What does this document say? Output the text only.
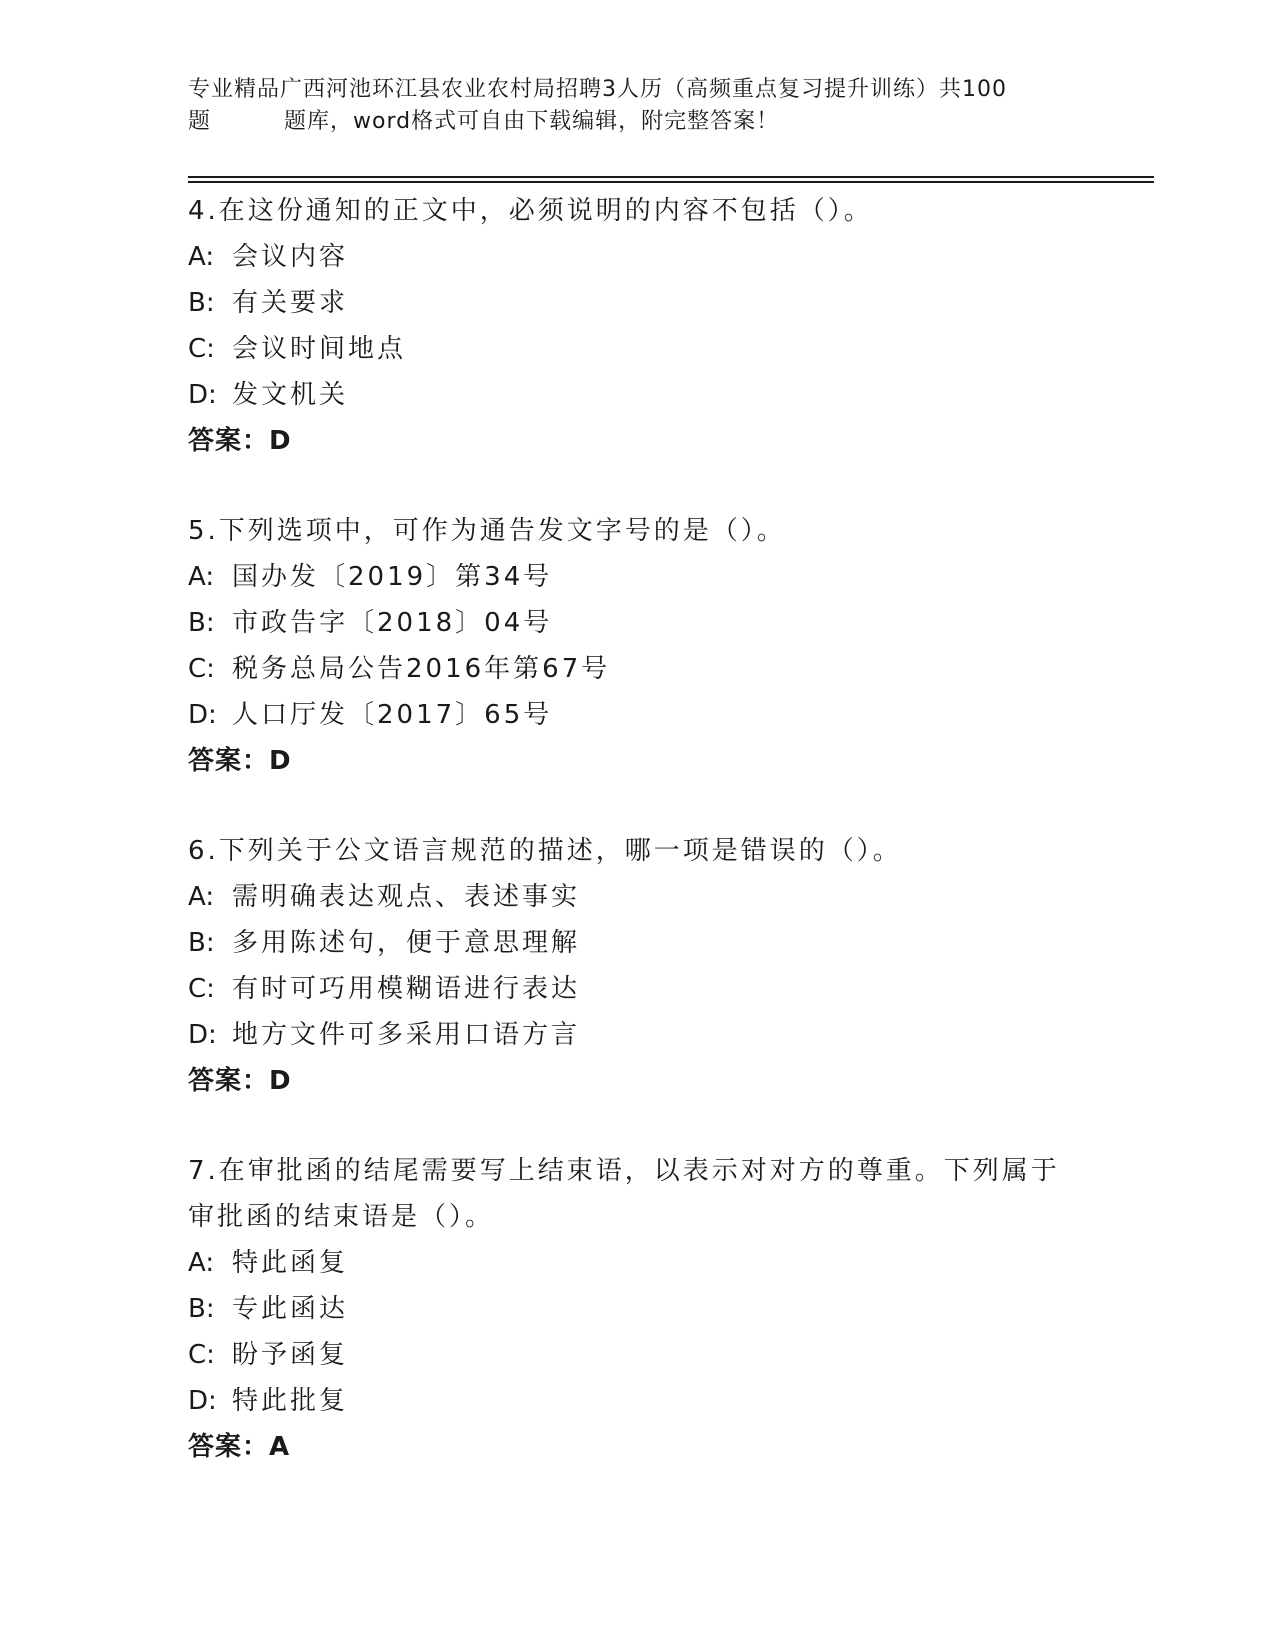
专业精品广西河池环江县农业农村局招聘3人历（高频重点复习提升训练）共100
题	题库，word格式可自由下载编辑，附完整答案！
4.在这份通知的正文中，必须说明的内容不包括（）。
A: 会议内容
B: 有关要求
C: 会议时间地点
D: 发文机关
答案：D
5.下列选项中，可作为通告发文字号的是（）。
A: 国办发〔2019〕第34号
B: 市政告字〔2018〕04号
C: 税务总局公告2016年第67号
D: 人口厅发〔2017〕65号
答案：D
6.下列关于公文语言规范的描述，哪一项是错误的（）。
A: 需明确表达观点、表述事实
B: 多用陈述句，便于意思理解
C: 有时可巧用模糊语进行表达
D: 地方文件可多采用口语方言
答案：D
7.在审批函的结尾需要写上结束语，以表示对对方的尊重。下列属于
审批函的结束语是（）。
A: 特此函复
B: 专此函达
C: 盼予函复
D: 特此批复
答案：A
